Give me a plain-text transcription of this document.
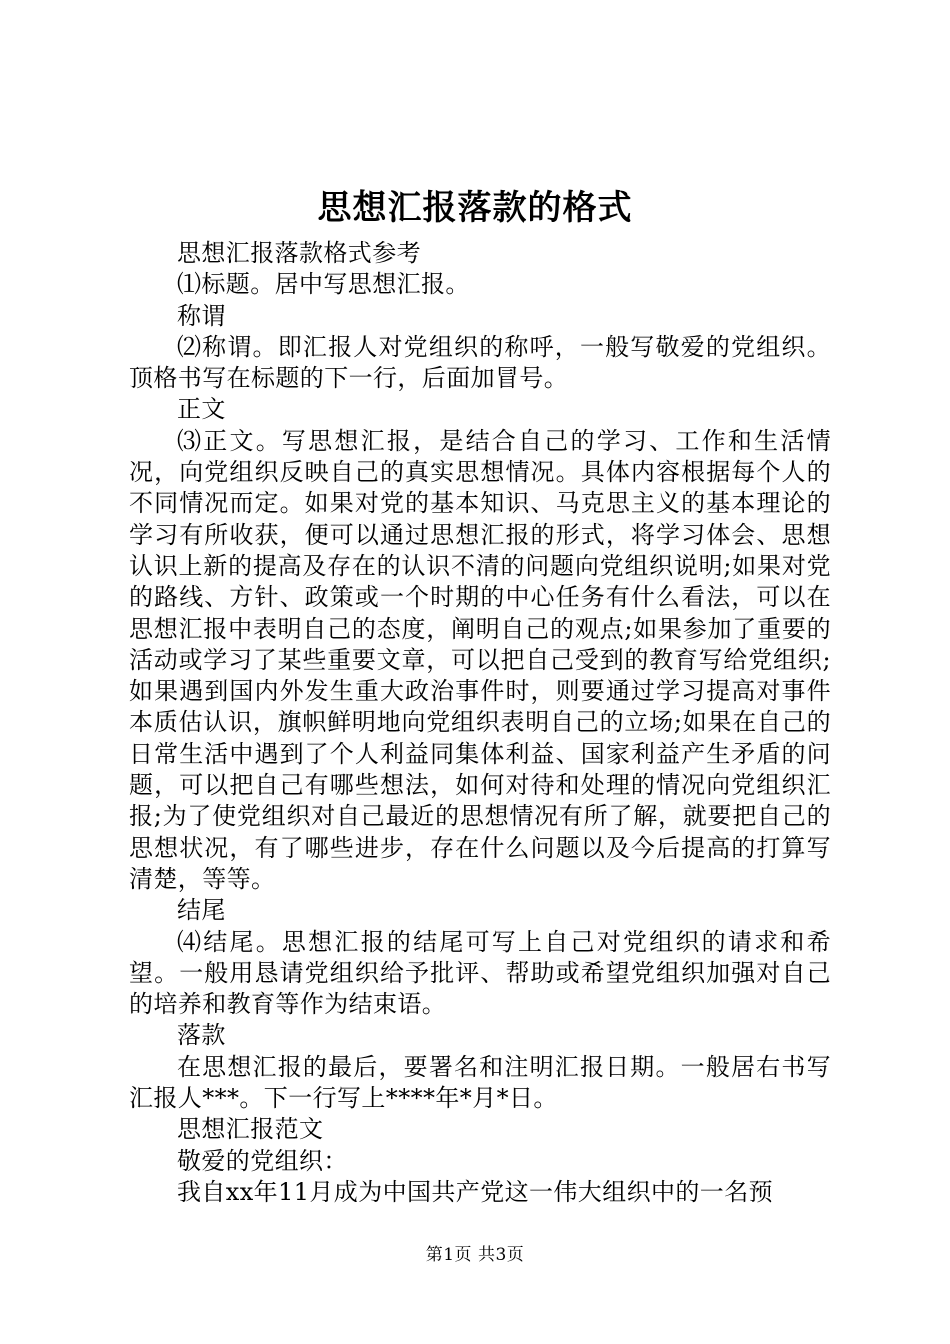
思想汇报落款的格式

思想汇报落款格式参考

⑴标题。居中写思想汇报。

称谓

⑵称谓。即汇报人对党组织的称呼，一般写敬爱的党组织。顶格书写在标题的下一行，后面加冒号。

正文

⑶正文。写思想汇报，是结合自己的学习、工作和生活情况，向党组织反映自己的真实思想情况。具体内容根据每个人的不同情况而定。如果对党的基本知识、马克思主义的基本理论的学习有所收获，便可以通过思想汇报的形式，将学习体会、思想认识上新的提高及存在的认识不清的问题向党组织说明;如果对党的路线、方针、政策或一个时期的中心任务有什么看法，可以在思想汇报中表明自己的态度，阐明自己的观点;如果参加了重要的活动或学习了某些重要文章，可以把自己受到的教育写给党组织;如果遇到国内外发生重大政治事件时，则要通过学习提高对事件本质估认识，旗帜鲜明地向党组织表明自己的立场;如果在自己的日常生活中遇到了个人利益同集体利益、国家利益产生矛盾的问题，可以把自己有哪些想法，如何对待和处理的情况向党组织汇报;为了使党组织对自己最近的思想情况有所了解，就要把自己的思想状况，有了哪些进步，存在什么问题以及今后提高的打算写清楚，等等。

结尾

⑷结尾。思想汇报的结尾可写上自己对党组织的请求和希望。一般用恳请党组织给予批评、帮助或希望党组织加强对自己的培养和教育等作为结束语。

落款

在思想汇报的最后，要署名和注明汇报日期。一般居右书写汇报人***。下一行写上****年*月*日。

思想汇报范文

敬爱的党组织：

我自xx年11月成为中国共产党这一伟大组织中的一名预

第1页 共3页
